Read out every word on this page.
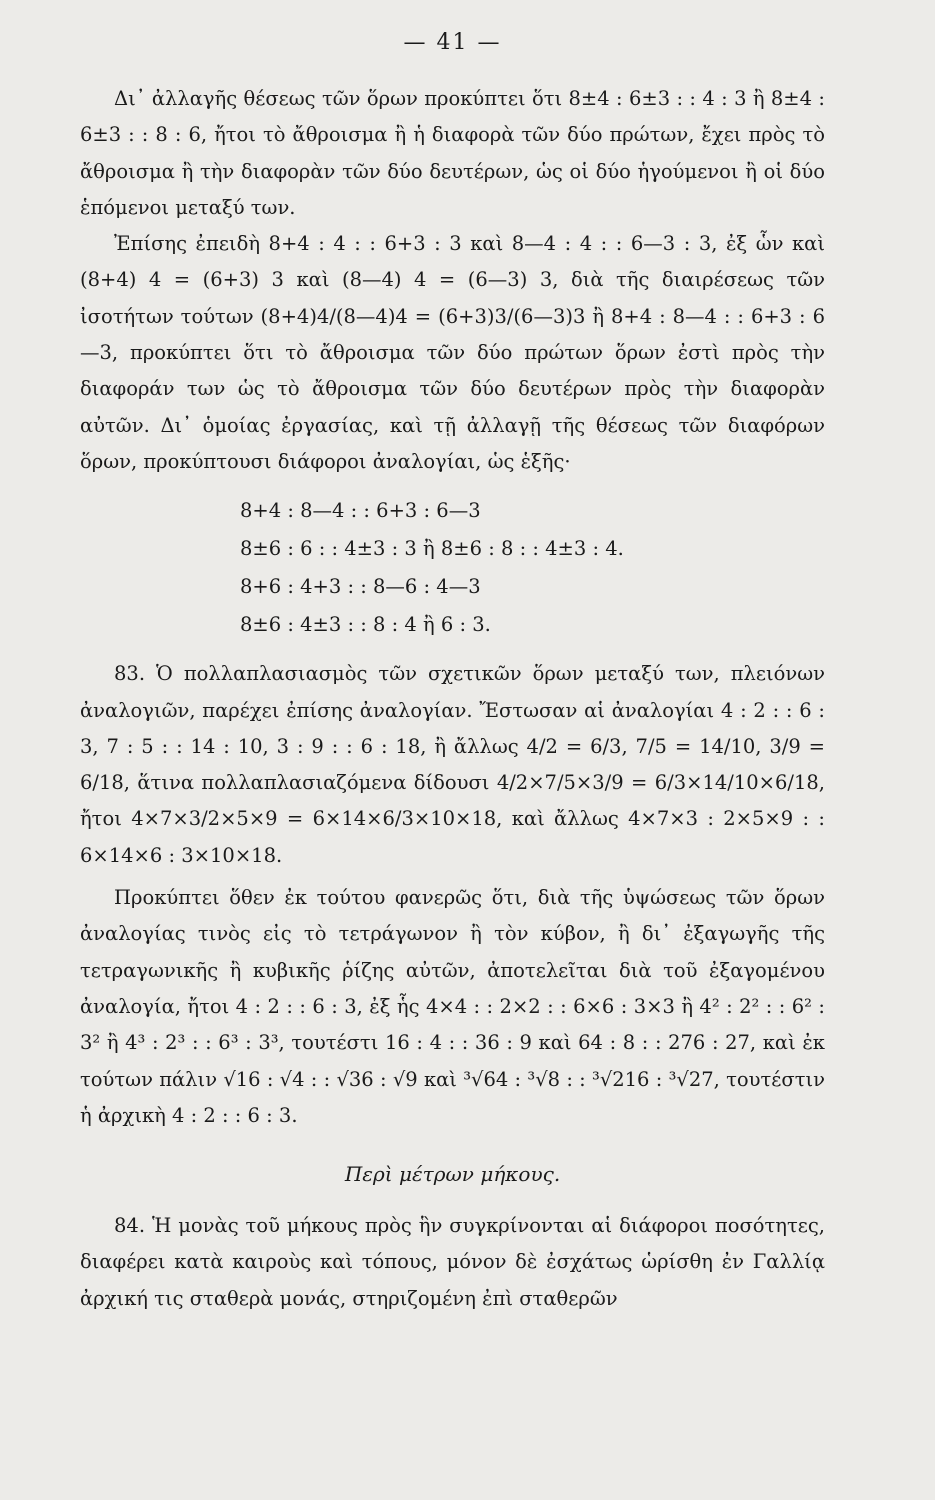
— 41 —

Δι᾽ ἀλλαγῆς θέσεως τῶν ὅρων προκύπτει ὅτι 8±4 : 6±3 : : 4 : 3 ἢ 8±4 : 6±3 : : 8 : 6, ἤτοι τὸ ἄθροισμα ἢ ἡ διαφορὰ τῶν δύο πρώτων, ἔχει πρὸς τὸ ἄθροισμα ἢ τὴν διαφορὰν τῶν δύο δευτέρων, ὡς οἱ δύο ἡγούμενοι ἢ οἱ δύο ἑπόμενοι μεταξύ των.

Ἐπίσης ἐπειδὴ 8+4 : 4 : : 6+3 : 3 καὶ 8—4 : 4 : : 6—3 : 3, ἐξ ὧν καὶ (8+4) 4 = (6+3) 3 καὶ (8—4) 4 = (6—3) 3, διὰ τῆς διαιρέσεως τῶν ἰσοτήτων τούτων (8+4)4/(8—4)4 = (6+3)3/(6—3)3 ἢ 8+4 : 8—4 : : 6+3 : 6—3, προκύπτει ὅτι τὸ ἄθροισμα τῶν δύο πρώτων ὅρων ἐστὶ πρὸς τὴν διαφοράν των ὡς τὸ ἄθροισμα τῶν δύο δευτέρων πρὸς τὴν διαφορὰν αὐτῶν. Δι᾽ ὁμοίας ἐργασίας, καὶ τῇ ἀλλαγῇ τῆς θέσεως τῶν διαφόρων ὅρων, προκύπτουσι διάφοροι ἀναλογίαι, ὡς ἑξῆς·

8+4 : 8—4 : : 6+3 : 6—3
8±6 : 6 : : 4±3 : 3 ἢ 8±6 : 8 : : 4±3 : 4.
8+6 : 4+3 : : 8—6 : 4—3
8±6 : 4±3 : : 8 : 4 ἢ 6 : 3.

83. Ὁ πολλαπλασιασμὸς τῶν σχετικῶν ὅρων μεταξύ των, πλειόνων ἀναλογιῶν, παρέχει ἐπίσης ἀναλογίαν. Ἔστωσαν αἱ ἀναλογίαι 4 : 2 : : 6 : 3, 7 : 5 : : 14 : 10, 3 : 9 : : 6 : 18, ἢ ἄλλως 4/2 = 6/3, 7/5 = 14/10, 3/9 = 6/18, ἅτινα πολλαπλασιαζόμενα δίδουσι 4/2×7/5×3/9 = 6/3×14/10×6/18, ἤτοι 4×7×3/2×5×9 = 6×14×6/3×10×18, καὶ ἄλλως 4×7×3 : 2×5×9 : : 6×14×6 : 3×10×18.

Προκύπτει ὅθεν ἐκ τούτου φανερῶς ὅτι, διὰ τῆς ὑψώσεως τῶν ὅρων ἀναλογίας τινὸς εἰς τὸ τετράγωνον ἢ τὸν κύβον, ἢ δι᾽ ἐξαγωγῆς τῆς τετραγωνικῆς ἢ κυβικῆς ῥίζης αὐτῶν, ἀποτελεῖται διὰ τοῦ ἐξαγομένου ἀναλογία, ἤτοι 4 : 2 : : 6 : 3, ἐξ ἧς 4×4 : : 2×2 : : 6×6 : 3×3 ἢ 4² : 2² : : 6² : 3² ἢ 4³ : 2³ : : 6³ : 3³, τουτέστι 16 : 4 : : 36 : 9 καὶ 64 : 8 : : 276 : 27, καὶ ἐκ τούτων πάλιν √16 : √4 : : √36 : √9 καὶ ³√64 : ³√8 : : ³√216 : ³√27, τουτέστιν ἡ ἀρχικὴ 4 : 2 : : 6 : 3.

Περὶ μέτρων μήκους.

84. Ἡ μονὰς τοῦ μήκους πρὸς ἣν συγκρίνονται αἱ διάφοροι ποσότητες, διαφέρει κατὰ καιροὺς καὶ τόπους, μόνον δὲ ἐσχάτως ὡρίσθη ἐν Γαλλίᾳ ἀρχική τις σταθερὰ μονάς, στηριζομένη ἐπὶ σταθερῶν
